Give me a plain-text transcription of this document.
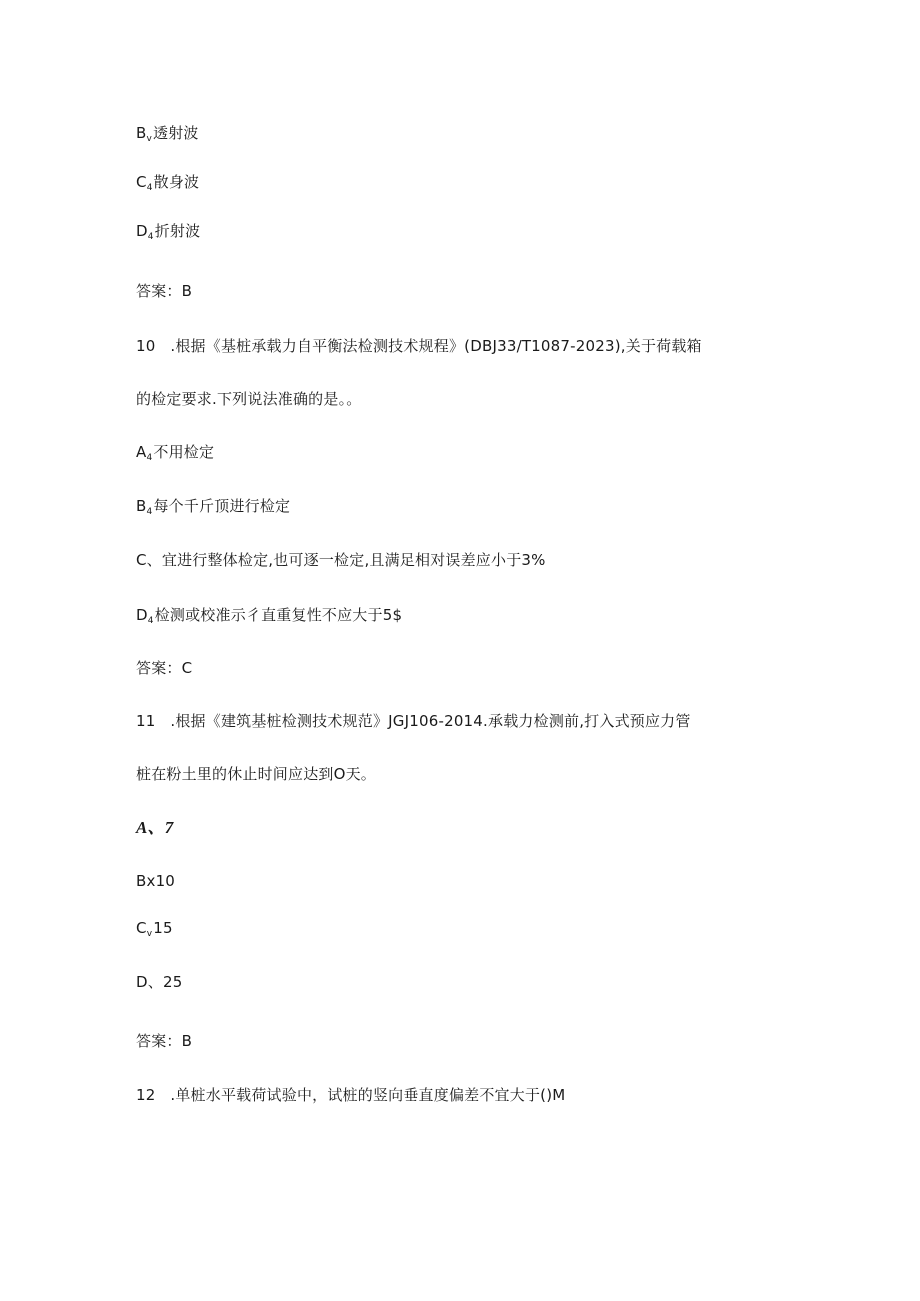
$B_v$透射波
$C_4$散身波
$D_4$折射波
答案：B
10   .根据《基桩承载力自平衡法检测技术规程》(DBJ33/T1087-2023),关于荷载箱
的检定要求.下列说法准确的是。。
$A_4$不用检定
$B_4$每个千斤顶进行检定
C、宜进行整体检定,也可逐一检定,且满足相对误差应小于3%
$D_4$检测或校准示彳直重复性不应大于5$
答案：C
11   .根据《建筑基桩检测技术规范》JGJ106-2014.承载力检测前,打入式预应力管
桩在粉土里的休止时间应达到O天。
A、7
Bx10
$C_v15$
D、25
答案：B
12   .单桩水平载荷试验中，试桩的竖向垂直度偏差不宜大于()M
